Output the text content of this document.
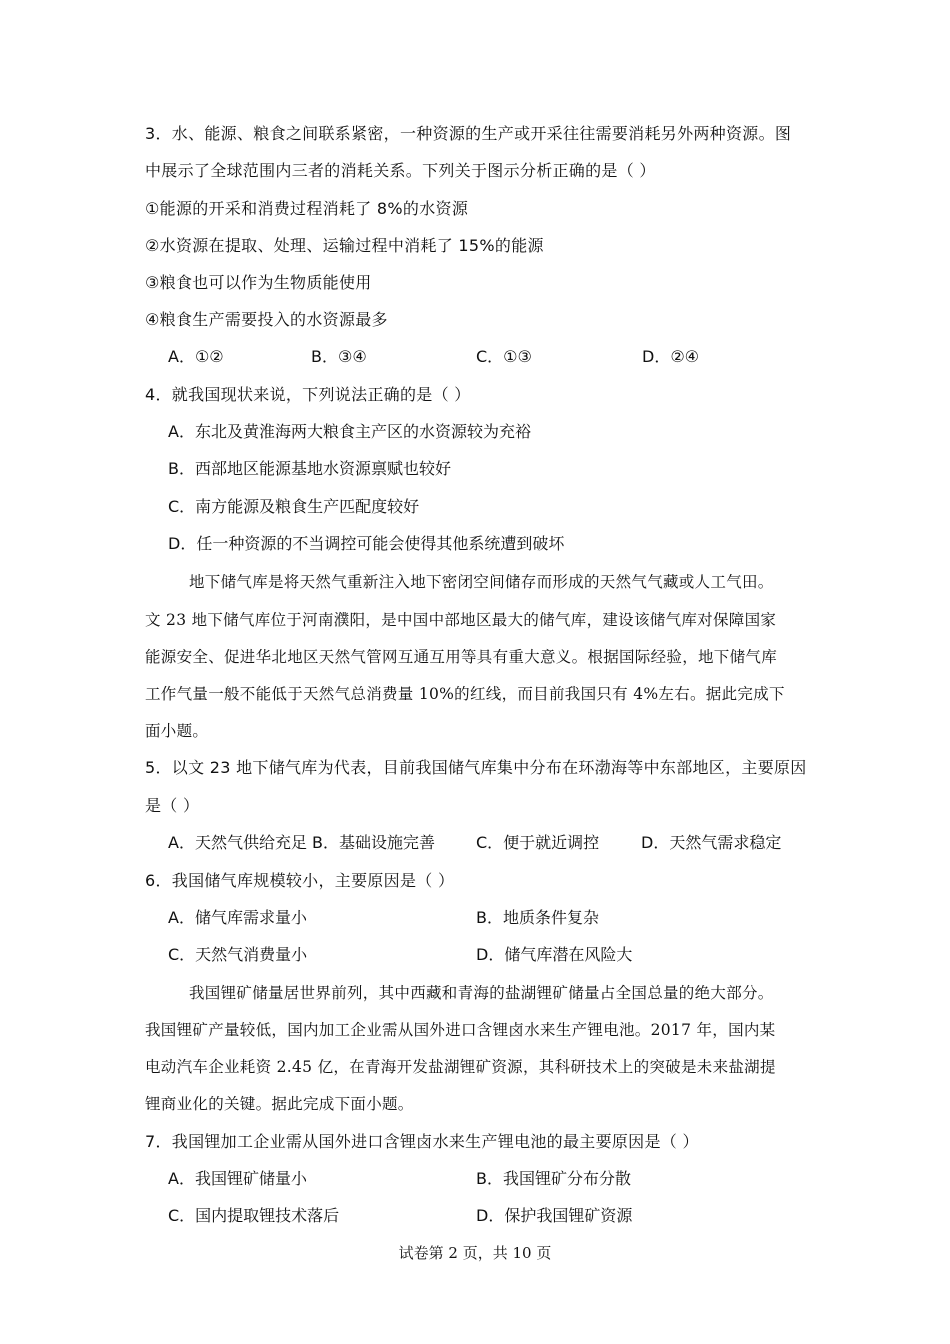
3．水、能源、粮食之间联系紧密，一种资源的生产或开采往往需要消耗另外两种资源。图
中展示了全球范围内三者的消耗关系。下列关于图示分析正确的是（ ）
①能源的开采和消费过程消耗了 8%的水资源
②水资源在提取、处理、运输过程中消耗了 15%的能源
③粮食也可以作为生物质能使用
④粮食生产需要投入的水资源最多
A．①②	B．③④	C．①③	D．②④
4．就我国现状来说，下列说法正确的是（ ）
A．东北及黄淮海两大粮食主产区的水资源较为充裕
B．西部地区能源基地水资源禀赋也较好
C．南方能源及粮食生产匹配度较好
D．任一种资源的不当调控可能会使得其他系统遭到破坏
地下储气库是将天然气重新注入地下密闭空间储存而形成的天然气气藏或人工气田。
文 23 地下储气库位于河南濮阳，是中国中部地区最大的储气库，建设该储气库对保障国家
能源安全、促进华北地区天然气管网互通互用等具有重大意义。根据国际经验，地下储气库
工作气量一般不能低于天然气总消费量 10%的红线，而目前我国只有 4%左右。据此完成下
面小题。
5．以文 23 地下储气库为代表，目前我国储气库集中分布在环渤海等中东部地区，主要原因
是（ ）
A．天然气供给充足 B．基础设施完善	C．便于就近调控	D．天然气需求稳定
6．我国储气库规模较小，主要原因是（ ）
A．储气库需求量小	B．地质条件复杂
C．天然气消费量小	D．储气库潜在风险大
我国锂矿储量居世界前列，其中西藏和青海的盐湖锂矿储量占全国总量的绝大部分。
我国锂矿产量较低，国内加工企业需从国外进口含锂卤水来生产锂电池。2017 年，国内某
电动汽车企业耗资 2.45 亿，在青海开发盐湖锂矿资源，其科研技术上的突破是未来盐湖提
锂商业化的关键。据此完成下面小题。
7．我国锂加工企业需从国外进口含锂卤水来生产锂电池的最主要原因是（ ）
A．我国锂矿储量小	B．我国锂矿分布分散
C．国内提取锂技术落后	D．保护我国锂矿资源
试卷第 2 页，共 10 页
